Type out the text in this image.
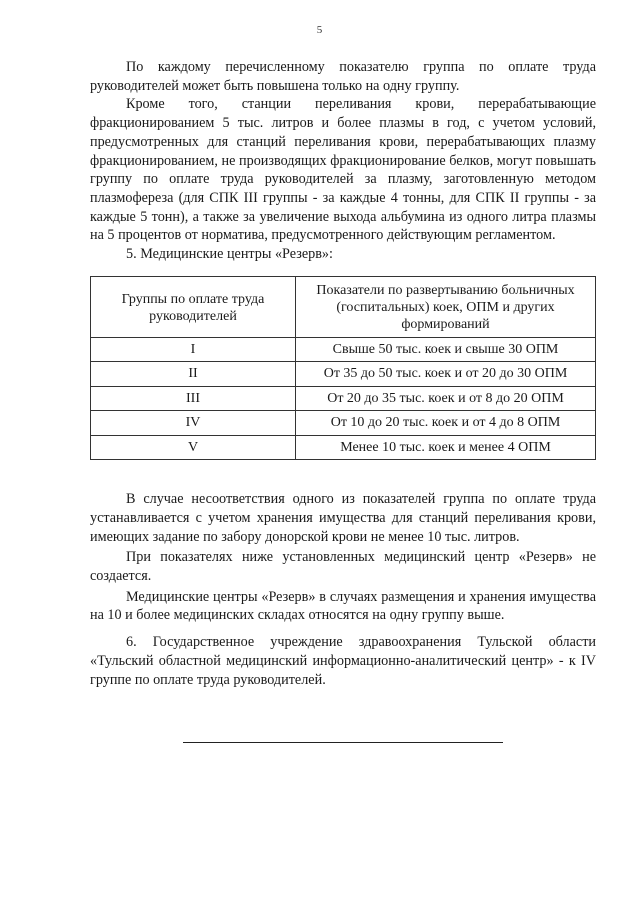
5

По каждому перечисленному показателю группа по оплате труда руководителей может быть повышена только на одну группу.

Кроме того, станции переливания крови, перерабатывающие фракционированием 5 тыс. литров и более плазмы в год, с учетом условий, предусмотренных для станций переливания крови, перерабатывающих плазму фракционированием, не производящих фракционирование белков, могут повышать группу по оплате труда руководителей за плазму, заготовленную методом плазмофереза (для СПК III группы - за каждые 4 тонны, для СПК II группы - за каждые 5 тонн), а также за увеличение выхода альбумина из одного литра плазмы на 5 процентов от норматива, предусмотренного действующим регламентом.

5. Медицинские центры «Резерв»:

Группы по оплате труда руководителей	Показатели по развертыванию больничных (госпитальных) коек, ОПМ и других формирований
I	Свыше 50 тыс. коек и свыше 30 ОПМ
II	От 35 до 50 тыс. коек и от 20 до 30 ОПМ
III	От 20 до 35 тыс. коек и от 8 до 20 ОПМ
IV	От 10 до 20 тыс. коек и от 4 до 8 ОПМ
V	Менее 10 тыс. коек и менее 4 ОПМ

В случае несоответствия одного из показателей группа по оплате труда устанавливается с учетом хранения имущества для станций переливания крови, имеющих задание по забору донорской крови не менее 10 тыс. литров.

При показателях ниже установленных медицинский центр «Резерв» не создается.

Медицинские центры «Резерв» в случаях размещения и хранения имущества на 10 и более медицинских складах относятся на одну группу выше.

6. Государственное учреждение здравоохранения Тульской области «Тульский областной медицинский информационно-аналитический центр» - к IV группе по оплате труда руководителей.
